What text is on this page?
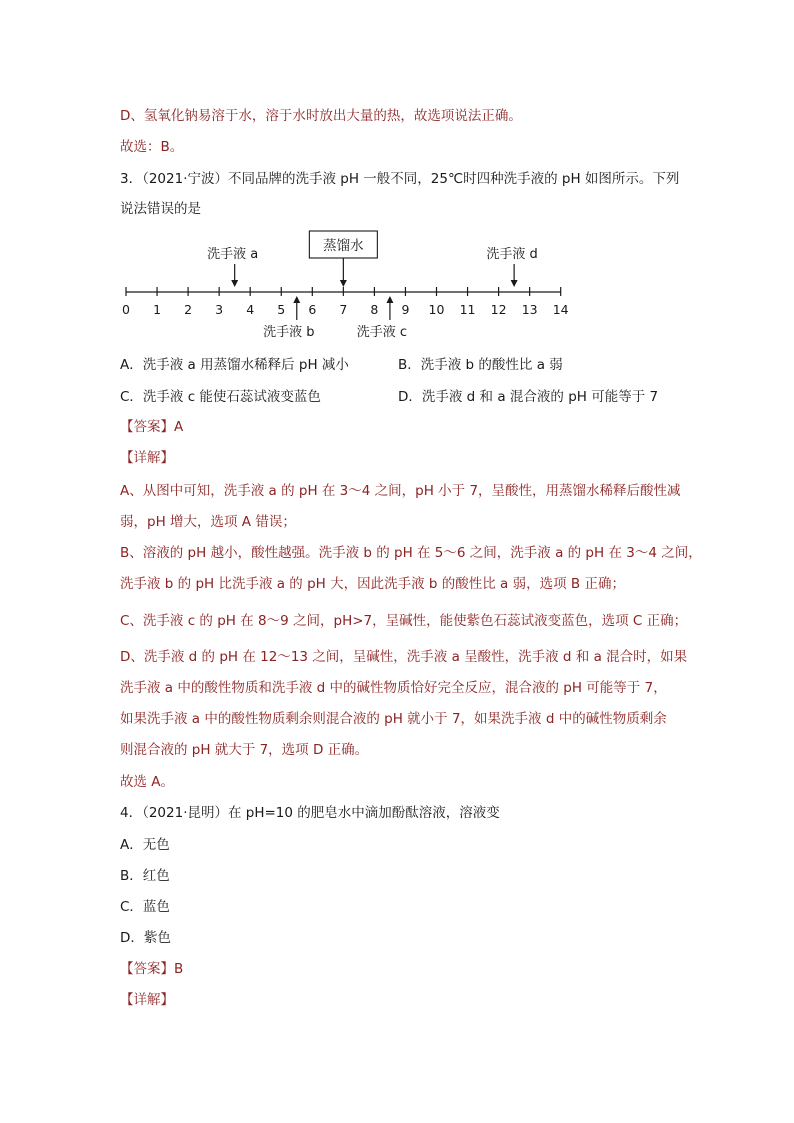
D、氢氧化钠易溶于水，溶于水时放出大量的热，故选项说法正确。
故选：B。
3．（2021·宁波）不同品牌的洗手液 pH 一般不同，25℃时四种洗手液的 pH 如图所示。下列
说法错误的是
0 1 2 3 4 5 6 7 8 9 10 11 12 13 14
洗手液 a	洗手液 d
洗手液 b	洗手液 c
蒸馏水
A．洗手液 a 用蒸馏水稀释后 pH 减小	B．洗手液 b 的酸性比 a 弱
C．洗手液 c 能使石蕊试液变蓝色	D．洗手液 d 和 a 混合液的 pH 可能等于 7
【答案】A
【详解】
A、从图中可知，洗手液 a 的 pH 在 3～4 之间，pH 小于 7，呈酸性，用蒸馏水稀释后酸性减
弱，pH 增大，选项 A 错误；
B、溶液的 pH 越小，酸性越强。洗手液 b 的 pH 在 5～6 之间，洗手液 a 的 pH 在 3～4 之间，
洗手液 b 的 pH 比洗手液 a 的 pH 大，因此洗手液 b 的酸性比 a 弱，选项 B 正确；
C、洗手液 c 的 pH 在 8～9 之间，pH>7，呈碱性，能使紫色石蕊试液变蓝色，选项 C 正确；
D、洗手液 d 的 pH 在 12～13 之间，呈碱性，洗手液 a 呈酸性，洗手液 d 和 a 混合时，如果
洗手液 a 中的酸性物质和洗手液 d 中的碱性物质恰好完全反应，混合液的 pH 可能等于 7，
如果洗手液 a 中的酸性物质剩余则混合液的 pH 就小于 7，如果洗手液 d 中的碱性物质剩余
则混合液的 pH 就大于 7，选项 D 正确。
故选 A。
4．（2021·昆明）在 pH=10 的肥皂水中滴加酚酞溶液，溶液变
A．无色
B．红色
C．蓝色
D．紫色
【答案】B
【详解】
